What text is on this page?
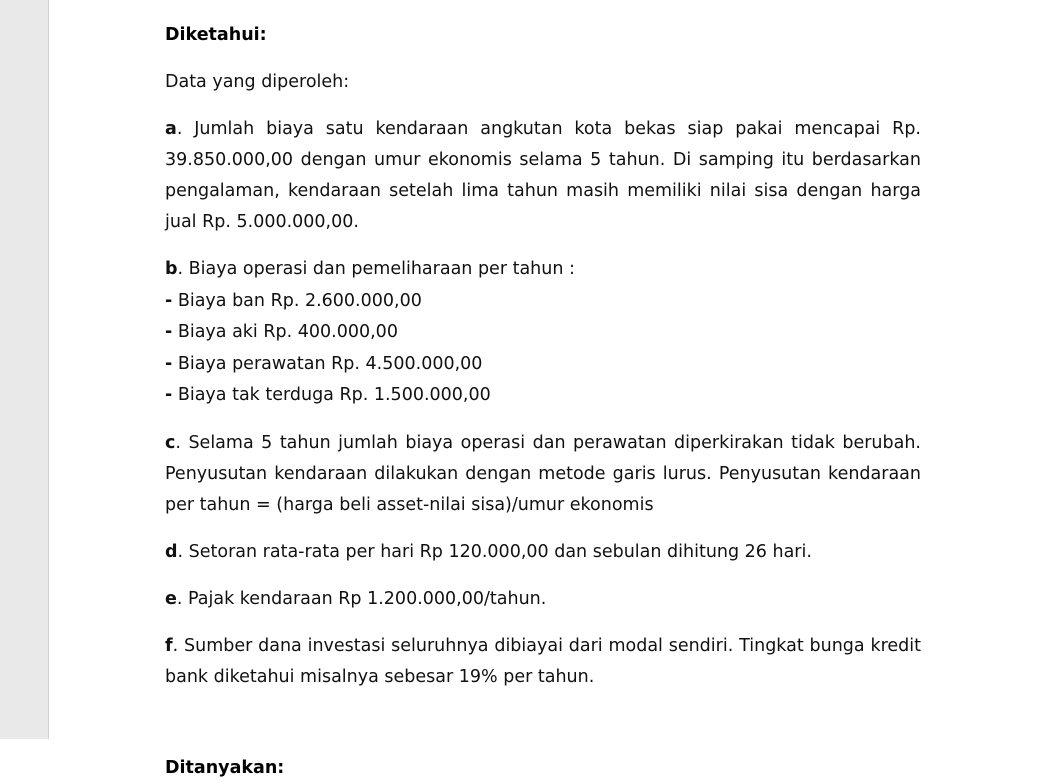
Diketahui:

Data yang diperoleh:

a. Jumlah biaya satu kendaraan angkutan kota bekas siap pakai mencapai Rp. 39.850.000,00 dengan umur ekonomis selama 5 tahun. Di samping itu berdasarkan pengalaman, kendaraan setelah lima tahun masih memiliki nilai sisa dengan harga jual Rp. 5.000.000,00.

b. Biaya operasi dan pemeliharaan per tahun :
- Biaya ban Rp. 2.600.000,00
- Biaya aki Rp. 400.000,00
- Biaya perawatan Rp. 4.500.000,00
- Biaya tak terduga Rp. 1.500.000,00

c. Selama 5 tahun jumlah biaya operasi dan perawatan diperkirakan tidak berubah. Penyusutan kendaraan dilakukan dengan metode garis lurus. Penyusutan kendaraan per tahun = (harga beli asset-nilai sisa)/umur ekonomis

d. Setoran rata-rata per hari Rp 120.000,00 dan sebulan dihitung 26 hari.

e. Pajak kendaraan Rp 1.200.000,00/tahun.

f. Sumber dana investasi seluruhnya dibiayai dari modal sendiri. Tingkat bunga kredit bank diketahui misalnya sebesar 19% per tahun.

Ditanyakan:
